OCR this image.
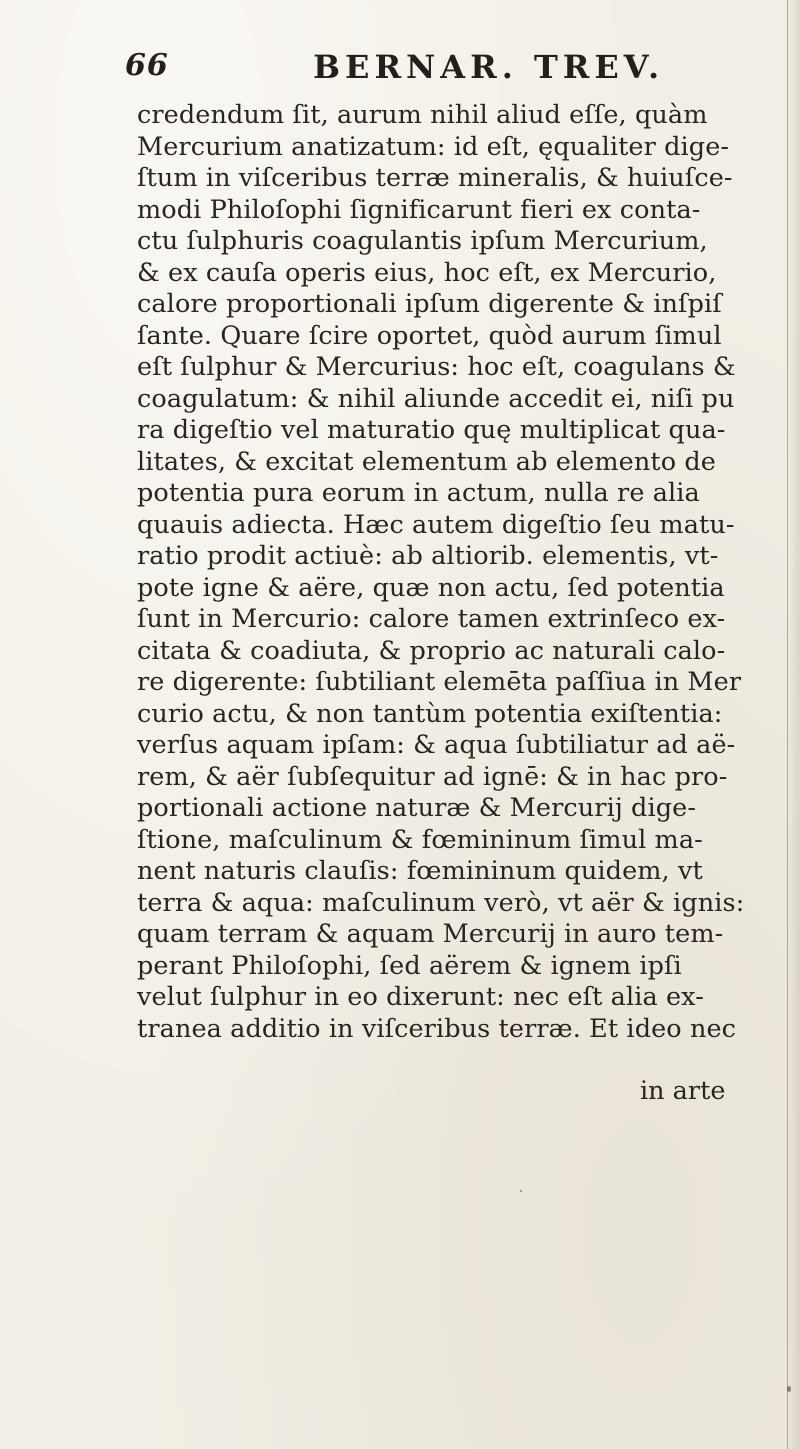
66	BERNAR. TREV.
credendum ſit, aurum nihil aliud eſſe, quàm
Mercurium anatizatum: id eſt, ęqualiter dige-
ſtum in viſceribus terræ mineralis, & huiuſce-
modi Philoſophi ſignificarunt fieri ex conta-
ctu ſulphuris coagulantis ipſum Mercurium,
& ex cauſa operis eius, hoc eſt, ex Mercurio,
calore proportionali ipſum digerente & inſpiſ
ſante. Quare ſcire oportet, quòd aurum ſimul
eſt ſulphur & Mercurius: hoc eſt, coagulans &
coagulatum: & nihil aliunde accedit ei, niſi pu
ra digeſtio vel maturatio quę multiplicat qua-
litates, & excitat elementum ab elemento de
potentia pura eorum in actum, nulla re alia
quauis adiecta. Hæc autem digeſtio ſeu matu-
ratio prodit actiuè: ab altiorib. elementis, vt-
pote igne & aëre, quæ non actu, ſed potentia
ſunt in Mercurio: calore tamen extrinſeco ex-
citata & coadiuta, & proprio ac naturali calo-
re digerente: ſubtiliant elemēta paſſiua in Mer
curio actu, & non tantùm potentia exiſtentia:
verſus aquam ipſam: & aqua ſubtiliatur ad aë-
rem, & aër ſubſequitur ad ignē: & in hac pro-
portionali actione naturæ & Mercurij dige-
ſtione, maſculinum & fœmininum ſimul ma-
nent naturis clauſis: fœmininum quidem, vt
terra & aqua: maſculinum verò, vt aër & ignis:
quam terram & aquam Mercurij in auro tem-
perant Philoſophi, ſed aërem & ignem ipſi
velut ſulphur in eo dixerunt: nec eſt alia ex-
tranea additio in viſceribus terræ. Et ideo nec
in arte
